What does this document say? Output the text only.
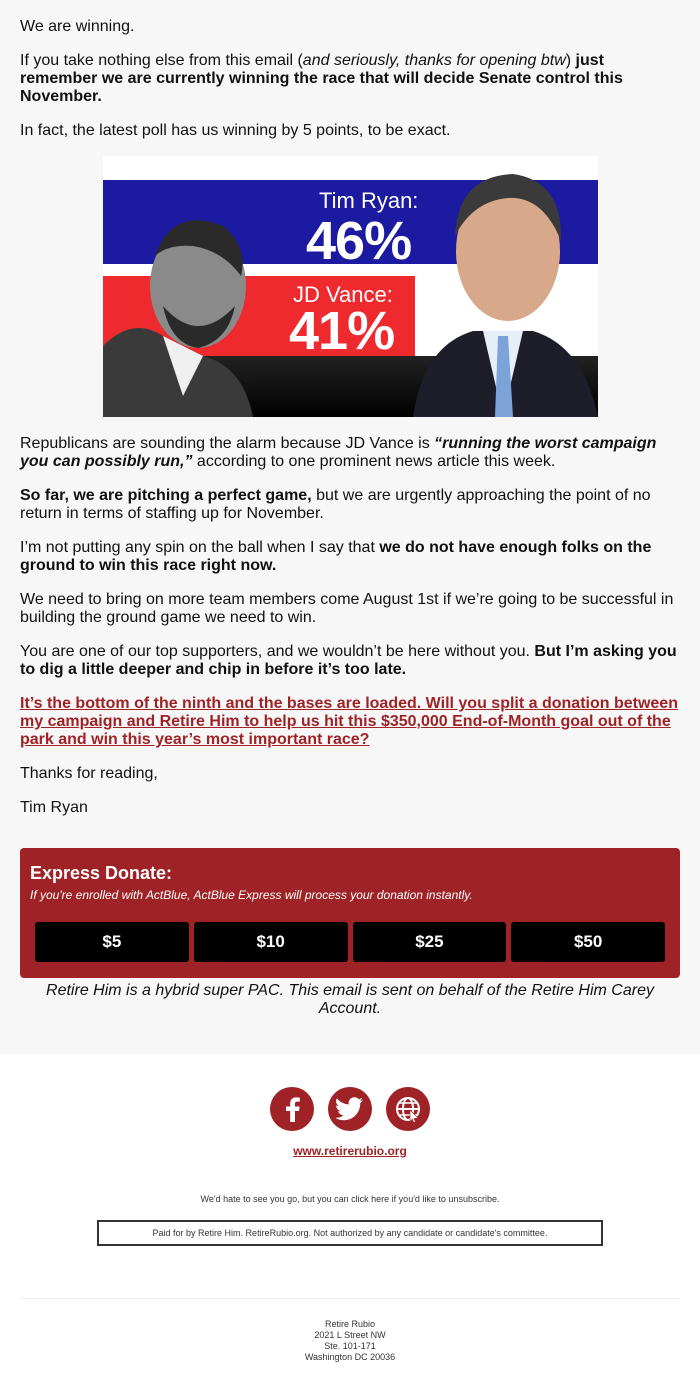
We are winning.
If you take nothing else from this email (and seriously, thanks for opening btw) just remember we are currently winning the race that will decide Senate control this November.
In fact, the latest poll has us winning by 5 points, to be exact.
Tim Ryan:
46%
JD Vance:
41%
Republicans are sounding the alarm because JD Vance is “running the worst campaign you can possibly run,” according to one prominent news article this week.
So far, we are pitching a perfect game, but we are urgently approaching the point of no return in terms of staffing up for November.
I’m not putting any spin on the ball when I say that we do not have enough folks on the ground to win this race right now.
We need to bring on more team members come August 1st if we’re going to be successful in building the ground game we need to win.
You are one of our top supporters, and we wouldn’t be here without you. But I’m asking you to dig a little deeper and chip in before it’s too late.
It’s the bottom of the ninth and the bases are loaded. Will you split a donation between my campaign and Retire Him to help us hit this $350,000 End-of-Month goal out of the park and win this year’s most important race?
Thanks for reading,
Tim Ryan
Express Donate:
If you're enrolled with ActBlue, ActBlue Express will process your donation instantly.
$5	$10	$25	$50
Retire Him is a hybrid super PAC. This email is sent on behalf of the Retire Him Carey Account.
www.retirerubio.org
We'd hate to see you go, but you can click here if you'd like to unsubscribe.
Paid for by Retire Him. RetireRubio.org. Not authorized by any candidate or candidate's committee.
Retire Rubio
2021 L Street NW
Ste. 101-171
Washington DC 20036
